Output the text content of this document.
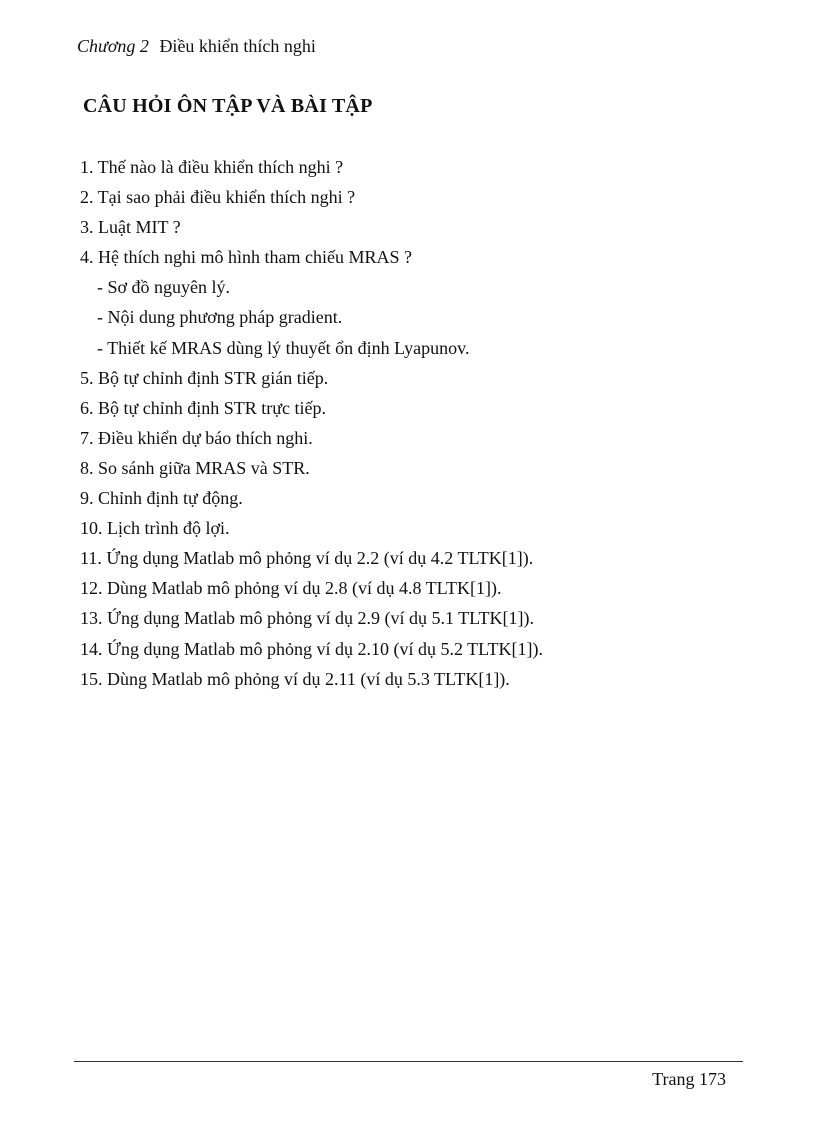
Chương 2 Điều khiển thích nghi
CÂU HỎI ÔN TẬP VÀ BÀI TẬP
1. Thế nào là điều khiển thích nghi ?
2. Tại sao phải điều khiển thích nghi ?
3. Luật MIT ?
4. Hệ thích nghi mô hình tham chiếu MRAS ?
- Sơ đồ nguyên lý.
- Nội dung phương pháp gradient.
- Thiết kế MRAS dùng lý thuyết ổn định Lyapunov.
5. Bộ tự chỉnh định STR gián tiếp.
6. Bộ tự chỉnh định STR trực tiếp.
7. Điều khiển dự báo thích nghi.
8. So sánh giữa MRAS và STR.
9. Chỉnh định tự động.
10. Lịch trình độ lợi.
11. Ứng dụng Matlab mô phỏng ví dụ 2.2 (ví dụ 4.2 TLTK[1]).
12. Dùng Matlab mô phỏng ví dụ 2.8 (ví dụ 4.8 TLTK[1]).
13. Ứng dụng Matlab mô phỏng ví dụ 2.9 (ví dụ 5.1 TLTK[1]).
14. Ứng dụng Matlab mô phỏng ví dụ 2.10 (ví dụ 5.2 TLTK[1]).
15. Dùng Matlab mô phỏng ví dụ 2.11 (ví dụ 5.3 TLTK[1]).
Trang 173
